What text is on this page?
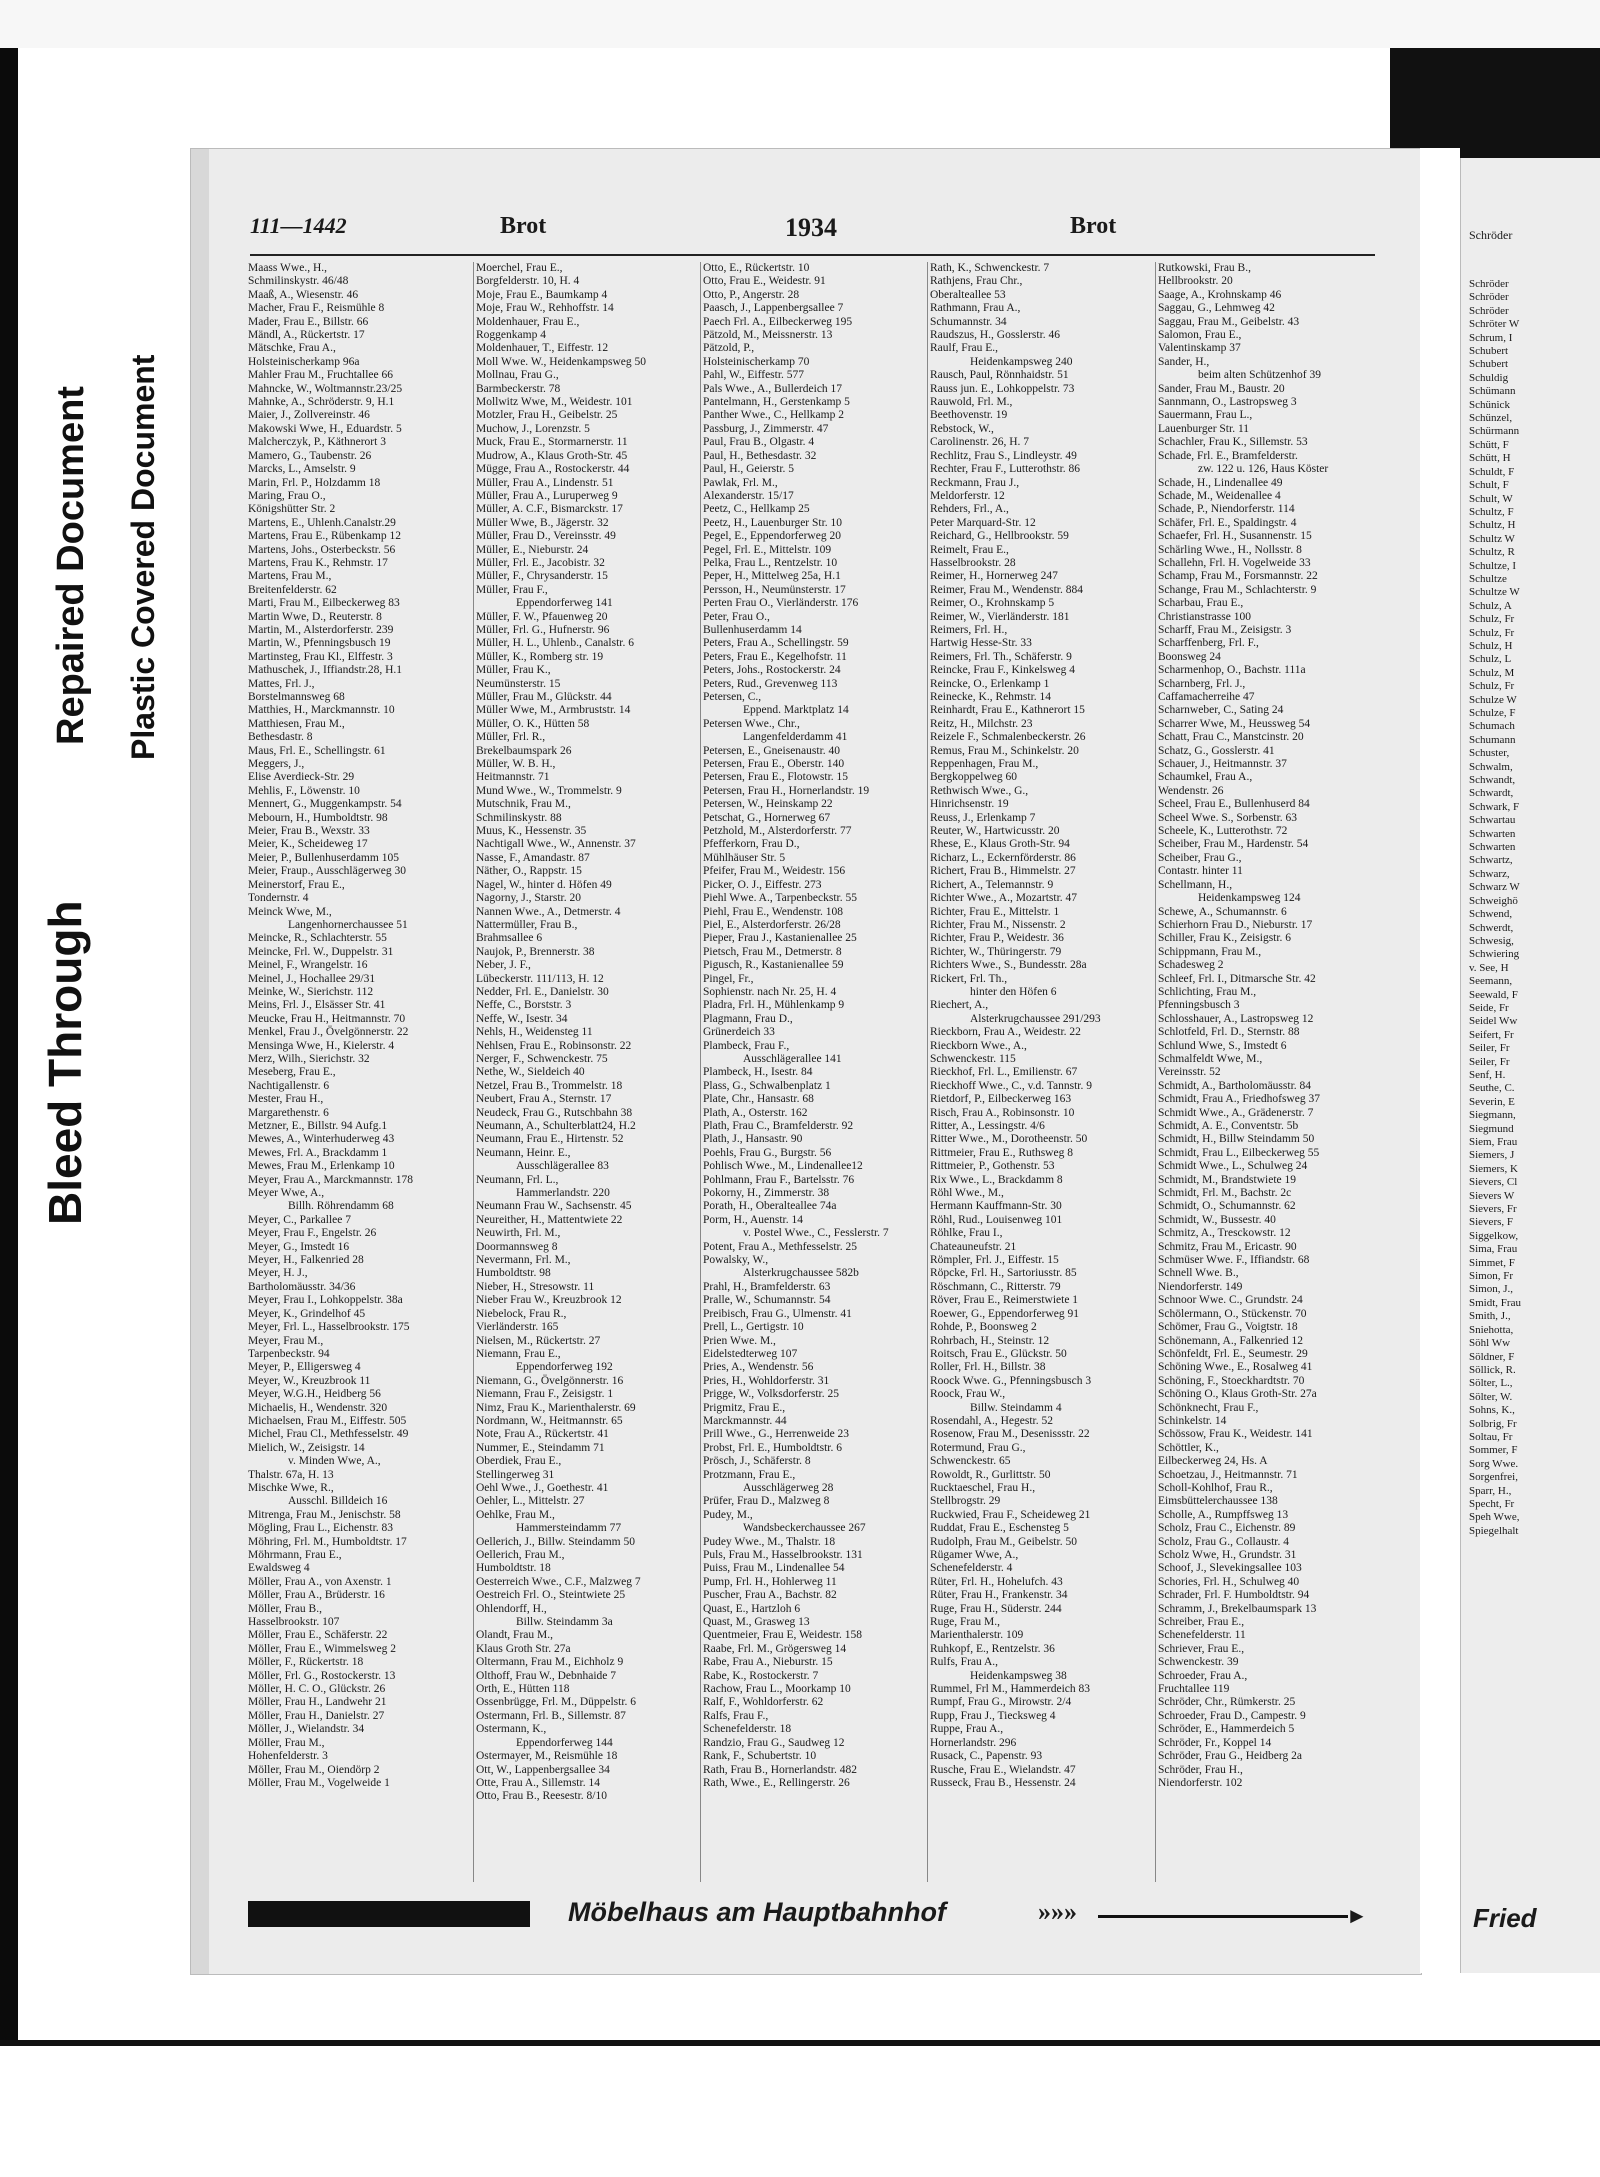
Bleed Through
Repaired Document Plastic Covered Document
Schröder
Schröder
Schröder
Schröder
Schröter W
Schrum, I
Schubert
Schubert
Schuldig
Schümann
Schünick
Schünzel,
Schürmann
Schütt, F
Schütt, H
Schuldt, F
Schult, F
Schult, W
Schultz, F
Schultz, H
Schultz W
Schultz, R
Schultze, I
Schultze
Schultze W
Schulz, A
Schulz, Fr
Schulz, Fr
Schulz, H
Schulz, L
Schulz, M
Schulz, Fr
Schulze W
Schulze, F
Schumach
Schumann
Schuster,
Schwalm,
Schwandt,
Schwardt,
Schwark, F
Schwartau
Schwarten
Schwarten
Schwartz,
Schwarz,
Schwarz W
Schweighö
Schwend,
Schwerdt,
Schwesig,
Schwiering
v. See, H
Seemann,
Seewald, F
Seide, Fr
Seidel Ww
Seifert, Fr
Seiler, Fr
Seiler, Fr
Senf, H.
Seuthe, C.
Severin, E
Siegmann,
Siegmund
Siem, Frau
Siemers, J
Siemers, K
Sievers, Cl
Sievers W
Sievers, Fr
Sievers, F
Siggelkow,
Sima, Frau
Simmet, F
Simon, Fr
Simon, J.,
Smidt, Frau
Smith, J.,
Sniehotta,
Söhl Ww
Söldner, F
Söllick, R.
Sölter, L.,
Sölter, W.
Sohns, K.,
Solbrig, Fr
Soltau, Fr
Sommer, F
Sorg Wwe.
Sorgenfrei,
Sparr, H.,
Specht, Fr
Speh Wwe,
Spiegelhalt
Fried
111—1442	Brot	1934	Brot
Maass Wwe., H.,
Schmilinskystr. 46/48
Maaß, A., Wiesenstr. 46
Macher, Frau F., Reismühle 8
Mader, Frau E., Billstr. 66
Mändl, A., Rückertstr. 17
Mätschke, Frau A.,
Holsteinischerkamp 96a
Mahler Frau M., Fruchtallee 66
Mahncke, W., Woltmannstr.23/25
Mahnke, A., Schröderstr. 9, H.1
Maier, J., Zollvereinstr. 46
Makowski Wwe, H., Eduardstr. 5
Malcherczyk, P., Käthnerort 3
Mamero, G., Taubenstr. 26
Marcks, L., Amselstr. 9
Marin, Frl. P., Holzdamm 18
Maring, Frau O.,
Königshütter Str. 2
Martens, E., Uhlenh.Canalstr.29
Martens, Frau E., Rübenkamp 12
Martens, Johs., Osterbeckstr. 56
Martens, Frau K., Rehmstr. 17
Martens, Frau M.,
Breitenfelderstr. 62
Marti, Frau M., Eilbeckerweg 83
Martin Wwe, D., Reuterstr. 8
Martin, M., Alsterdorferstr. 239
Martin, W., Pfenningsbusch 19
Martinsteg, Frau Kl., Elffestr. 3
Mathuschek, J., Iffiandstr.28, H.1
Mattes, Frl. J.,
Borstelmannsweg 68
Matthies, H., Marckmannstr. 10
Matthiesen, Frau M.,
Bethesdastr. 8
Maus, Frl. E., Schellingstr. 61
Meggers, J.,
Elise Averdieck-Str. 29
Mehlis, F., Löwenstr. 10
Mennert, G., Muggenkampstr. 54
Mebourn, H., Humboldtstr. 98
Meier, Frau B., Wexstr. 33
Meier, K., Scheideweg 17
Meier, P., Bullenhuserdamm 105
Meier, Fraup., Ausschlägerweg 30
Meinerstorf, Frau E.,
Tondernstr. 4
Meinck Wwe, M.,
Langenhornerchaussee 51
Meincke, R., Schlachterstr. 55
Meincke, Frl. W., Duppelstr. 31
Meinel, F., Wrangelstr. 16
Meinel, J., Hochallee 29/31
Meinke, W., Sierichstr. 112
Meins, Frl. J., Elsässer Str. 41
Meucke, Frau H., Heitmannstr. 70
Menkel, Frau J., Övelgönnerstr. 22
Mensinga Wwe, H., Kielerstr. 4
Merz, Wilh., Sierichstr. 32
Meseberg, Frau E.,
Nachtigallenstr. 6
Mester, Frau H.,
Margarethenstr. 6
Metzner, E., Billstr. 94 Aufg.1
Mewes, A., Winterhuderweg 43
Mewes, Frl. A., Brackdamm 1
Mewes, Frau M., Erlenkamp 10
Meyer, Frau A., Marckmannstr. 178
Meyer Wwe, A.,
Billh. Röhrendamm 68
Meyer, C., Parkallee 7
Meyer, Frau F., Engelstr. 26
Meyer, G., Imstedt 16
Meyer, H., Falkenried 28
Meyer, H. J.,
Bartholomäusstr. 34/36
Meyer, Frau I., Lohkoppelstr. 38a
Meyer, K., Grindelhof 45
Meyer, Frl. L., Hasselbrookstr. 175
Meyer, Frau M.,
Tarpenbeckstr. 94
Meyer, P., Elligersweg 4
Meyer, W., Kreuzbrook 11
Meyer, W.G.H., Heidberg 56
Michaelis, H., Wendenstr. 320
Michaelsen, Frau M., Eiffestr. 505
Michel, Frau Cl., Methfesselstr. 49
Mielich, W., Zeisigstr. 14
v. Minden Wwe, A.,
Thalstr. 67a, H. 13
Mischke Wwe, R.,
Ausschl. Billdeich 16
Mitrenga, Frau M., Jenischstr. 58
Mögling, Frau L., Eichenstr. 83
Möhring, Frl. M., Humboldtstr. 17
Möhrmann, Frau E.,
Ewaldsweg 4
Möller, Frau A., von Axenstr. 1
Möller, Frau A., Brüderstr. 16
Möller, Frau B.,
Hasselbrookstr. 107
Möller, Frau E., Schäferstr. 22
Möller, Frau E., Wimmelsweg 2
Möller, F., Rückertstr. 18
Möller, Frl. G., Rostockerstr. 13
Möller, H. C. O., Glückstr. 26
Möller, Frau H., Landwehr 21
Möller, Frau H., Danielstr. 27
Möller, J., Wielandstr. 34
Möller, Frau M.,
Hohenfelderstr. 3
Möller, Frau M., Oiendörp 2
Möller, Frau M., Vogelweide 1
Moerchel, Frau E.,
Borgfelderstr. 10, H. 4
Moje, Frau E., Baumkamp 4
Moje, Frau W., Rehhoffstr. 14
Moldenhauer, Frau E.,
Roggenkamp 4
Moldenhauer, T., Eiffestr. 12
Moll Wwe. W., Heidenkampsweg 50
Mollnau, Frau G.,
Barmbeckerstr. 78
Mollwitz Wwe, M., Weidestr. 101
Motzler, Frau H., Geibelstr. 25
Muchow, J., Lorenzstr. 5
Muck, Frau E., Stormarnerstr. 11
Mudrow, A., Klaus Groth-Str. 45
Mügge, Frau A., Rostockerstr. 44
Müller, Frau A., Lindenstr. 51
Müller, Frau A., Luruperweg 9
Müller, A. C.F., Bismarckstr. 17
Müller Wwe, B., Jägerstr. 32
Müller, Frau D., Vereinsstr. 49
Müller, E., Nieburstr. 24
Müller, Frl. E., Jacobistr. 32
Müller, F., Chrysanderstr. 15
Müller, Frau F.,
Eppendorferweg 141
Müller, F. W., Pfauenweg 20
Müller, Frl. G., Hufnerstr. 96
Müller, H. L., Uhlenb., Canalstr. 6
Müller, K., Romberg str. 19
Müller, Frau K.,
Neumünsterstr. 15
Müller, Frau M., Glückstr. 44
Müller Wwe, M., Armbruststr. 14
Müller, O. K., Hütten 58
Müller, Frl. R.,
Brekelbaumspark 26
Müller, W. B. H.,
Heitmannstr. 71
Mund Wwe., W., Trommelstr. 9
Mutschnik, Frau M.,
Schmilinskystr. 88
Muus, K., Hessenstr. 35
Nachtigall Wwe., W., Annenstr. 37
Nasse, F., Amandastr. 87
Näther, O., Rappstr. 15
Nagel, W., hinter d. Höfen 49
Nagorny, J., Starstr. 20
Nannen Wwe., A., Detmerstr. 4
Nattermüller, Frau B.,
Brahmsallee 6
Naujok, P., Brennerstr. 38
Neber, J. F.,
Lübeckerstr. 111/113, H. 12
Nedder, Frl. E., Danielstr. 30
Neffe, C., Borststr. 3
Neffe, W., Isestr. 34
Nehls, H., Weidensteg 11
Nehlsen, Frau E., Robinsonstr. 22
Nerger, F., Schwenckestr. 75
Nethe, W., Sieldeich 40
Netzel, Frau B., Trommelstr. 18
Neubert, Frau A., Sternstr. 17
Neudeck, Frau G., Rutschbahn 38
Neumann, A., Schulterblatt24, H.2
Neumann, Frau E., Hirtenstr. 52
Neumann, Heinr. E.,
Ausschlägerallee 83
Neumann, Frl. L.,
Hammerlandstr. 220
Neumann Frau W., Sachsenstr. 45
Neureither, H., Mattentwiete 22
Neuwirth, Frl. M.,
Doormannsweg 8
Nevermann, Frl. M.,
Humboldtstr. 98
Nieber, H., Stresowstr. 11
Nieber Frau W., Kreuzbrook 12
Niebelock, Frau R.,
Vierländerstr. 165
Nielsen, M., Rückertstr. 27
Niemann, Frau E.,
Eppendorferweg 192
Niemann, G., Övelgönnerstr. 16
Niemann, Frau F., Zeisigstr. 1
Nimz, Frau K., Marienthalerstr. 69
Nordmann, W., Heitmannstr. 65
Note, Frau A., Rückertstr. 41
Nummer, E., Steindamm 71
Oberdiek, Frau E.,
Stellingerweg 31
Oehl Wwe., J., Goethestr. 41
Oehler, L., Mittelstr. 27
Oehlke, Frau M.,
Hammersteindamm 77
Oellerich, J., Billw. Steindamm 50
Oellerich, Frau M.,
Humboldtstr. 18
Oesterreich Wwe., C.F., Malzweg 7
Oestreich Frl. O., Steintwiete 25
Ohlendorff, H.,
Billw. Steindamm 3a
Olandt, Frau M.,
Klaus Groth Str. 27a
Oltermann, Frau M., Eichholz 9
Olthoff, Frau W., Debnhaide 7
Orth, E., Hütten 118
Ossenbrügge, Frl. M., Düppelstr. 6
Ostermann, Frl. B., Sillemstr. 87
Ostermann, K.,
Eppendorferweg 144
Ostermayer, M., Reismühle 18
Ott, W., Lappenbergsallee 34
Otte, Frau A., Sillemstr. 14
Otto, Frau B., Reesestr. 8/10
Otto, E., Rückertstr. 10
Otto, Frau E., Weidestr. 91
Otto, P., Angerstr. 28
Paasch, J., Lappenbergsallee 7
Paech Frl. A., Eilbeckerweg 195
Pätzold, M., Meissnerstr. 13
Pätzold, P.,
Holsteinischerkamp 70
Pahl, W., Eiffestr. 577
Pals Wwe., A., Bullerdeich 17
Pantelmann, H., Gerstenkamp 5
Panther Wwe., C., Hellkamp 2
Passburg, J., Zimmerstr. 47
Paul, Frau B., Olgastr. 4
Paul, H., Bethesdastr. 32
Paul, H., Geierstr. 5
Pawlak, Frl. M.,
Alexanderstr. 15/17
Peetz, C., Hellkamp 25
Peetz, H., Lauenburger Str. 10
Pegel, E., Eppendorferweg 20
Pegel, Frl. E., Mittelstr. 109
Pelka, Frau L., Rentzelstr. 10
Peper, H., Mittelweg 25a, H.1
Persson, H., Neumünsterstr. 17
Perten Frau O., Vierländerstr. 176
Peter, Frau O.,
Bullenhuserdamm 14
Peters, Frau A., Schellingstr. 59
Peters, Frau E., Kegelhofstr. 11
Peters, Johs., Rostockerstr. 24
Peters, Rud., Grevenweg 113
Petersen, C.,
Eppend. Marktplatz 14
Petersen Wwe., Chr.,
Langenfelderdamm 41
Petersen, E., Gneisenaustr. 40
Petersen, Frau E., Oberstr. 140
Petersen, Frau E., Flotowstr. 15
Petersen, Frau H., Hornerlandstr. 19
Petersen, W., Heinskamp 22
Petschat, G., Hornerweg 67
Petzhold, M., Alsterdorferstr. 77
Pfefferkorn, Frau D.,
Mühlhäuser Str. 5
Pfeifer, Frau M., Weidestr. 156
Picker, O. J., Eiffestr. 273
Piehl Wwe. A., Tarpenbeckstr. 55
Piehl, Frau E., Wendenstr. 108
Piel, E., Alsterdorferstr. 26/28
Pieper, Frau J., Kastanienallee 25
Pietsch, Frau M., Detmerstr. 8
Pigusch, R., Kastanienallee 59
Pingel, Fr.,
Sophienstr. nach Nr. 25, H. 4
Pladra, Frl. H., Mühlenkamp 9
Plagmann, Frau D.,
Grünerdeich 33
Plambeck, Frau F.,
Ausschlägerallee 141
Plambeck, H., Isestr. 84
Plass, G., Schwalbenplatz 1
Plate, Chr., Hansastr. 68
Plath, A., Osterstr. 162
Plath, Frau C., Bramfelderstr. 92
Plath, J., Hansastr. 90
Poehls, Frau G., Burgstr. 56
Pohlisch Wwe., M., Lindenallee12
Pohlmann, Frau F., Bartelsstr. 76
Pokorny, H., Zimmerstr. 38
Porath, H., Oberalteallee 74a
Porm, H., Auenstr. 14
v. Postel Wwe., C., Fesslerstr. 7
Potent, Frau A., Methfesselstr. 25
Powalsky, W.,
Alsterkrugchaussee 582b
Prahl, H., Bramfelderstr. 63
Pralle, W., Schumannstr. 54
Preibisch, Frau G., Ulmenstr. 41
Prell, L., Gertigstr. 10
Prien Wwe. M.,
Eidelstedterweg 107
Pries, A., Wendenstr. 56
Pries, H., Wohldorferstr. 31
Prigge, W., Volksdorferstr. 25
Prigmitz, Frau E.,
Marckmannstr. 44
Prill Wwe., G., Herrenweide 23
Probst, Frl. E., Humboldtstr. 6
Prösch, J., Schäferstr. 8
Protzmann, Frau E.,
Ausschlägerweg 28
Prüfer, Frau D., Malzweg 8
Pudey, M.,
Wandsbeckerchaussee 267
Pudey Wwe., M., Thalstr. 18
Puls, Frau M., Hasselbrookstr. 131
Puiss, Frau M., Lindenallee 54
Pump, Frl. H., Hohlerweg 11
Puscher, Frau A., Bachstr. 82
Quast, E., Hartzloh 6
Quast, M., Grasweg 13
Quentmeier, Frau E, Weidestr. 158
Raabe, Frl. M., Grögersweg 14
Rabe, Frau A., Nieburstr. 15
Rabe, K., Rostockerstr. 7
Rachow, Frau L., Moorkamp 10
Ralf, F., Wohldorferstr. 62
Ralfs, Frau F.,
Schenefelderstr. 18
Randzio, Frau G., Saudweg 12
Rank, F., Schubertstr. 10
Rath, Frau B., Hornerlandstr. 482
Rath, Wwe., E., Rellingerstr. 26
Rath, K., Schwenckestr. 7
Rathjens, Frau Chr.,
Oberalteallee 53
Rathmann, Frau A.,
Schumannstr. 34
Raudszus, H., Gosslerstr. 46
Raulf, Frau E.,
Heidenkampsweg 240
Rausch, Paul, Rönnhaidstr. 51
Rauss jun. E., Lohkoppelstr. 73
Rauwold, Frl. M.,
Beethovenstr. 19
Rebstock, W.,
Carolinenstr. 26, H. 7
Rechlitz, Frau S., Lindleystr. 49
Rechter, Frau F., Lutterothstr. 86
Reckmann, Frau J.,
Meldorferstr. 12
Rehders, Frl., A.,
Peter Marquard-Str. 12
Reichard, G., Hellbrookstr. 59
Reimelt, Frau E.,
Hasselbrookstr. 28
Reimer, H., Hornerweg 247
Reimer, Frau M., Wendenstr. 884
Reimer, O., Krohnskamp 5
Reimer, W., Vierländerstr. 181
Reimers, Frl. H.,
Hartwig Hesse-Str. 33
Reimers, Frl. Th., Schäferstr. 9
Reincke, Frau F., Kinkelsweg 4
Reincke, O., Erlenkamp 1
Reinecke, K., Rehmstr. 14
Reinhardt, Frau E., Kathnerort 15
Reitz, H., Milchstr. 23
Reizele F., Schmalenbeckerstr. 26
Remus, Frau M., Schinkelstr. 20
Reppenhagen, Frau M.,
Bergkoppelweg 60
Rethwisch Wwe., G.,
Hinrichsenstr. 19
Reuss, J., Erlenkamp 7
Reuter, W., Hartwicusstr. 20
Rhese, E., Klaus Groth-Str. 94
Richarz, L., Eckernförderstr. 86
Richert, Frau B., Himmelstr. 27
Richert, A., Telemannstr. 9
Richter Wwe., A., Mozartstr. 47
Richter, Frau E., Mittelstr. 1
Richter, Frau M., Nissenstr. 2
Richter, Frau P., Weidestr. 36
Richter, W., Thüringerstr. 79
Richters Wwe., S., Bundesstr. 28a
Rickert, Frl. Th.,
hinter den Höfen 6
Riechert, A.,
Alsterkrugchaussee 291/293
Rieckborn, Frau A., Weidestr. 22
Rieckborn Wwe., A.,
Schwenckestr. 115
Rieckhof, Frl. L., Emilienstr. 67
Rieckhoff Wwe., C., v.d. Tannstr. 9
Rietdorf, P., Eilbeckerweg 163
Risch, Frau A., Robinsonstr. 10
Ritter, A., Lessingstr. 4/6
Ritter Wwe., M., Dorotheenstr. 50
Rittmeier, Frau E., Ruthsweg 8
Rittmeier, P., Gothenstr. 53
Rix Wwe., L., Brackdamm 8
Röhl Wwe., M.,
Hermann Kauffmann-Str. 30
Röhl, Rud., Louisenweg 101
Röhlke, Frau I.,
Chateauneufstr. 21
Römpler, Frl. J., Eiffestr. 15
Röpcke, Frl. H., Sartoriusstr. 85
Röschmann, C., Ritterstr. 79
Röver, Frau E., Reimerstwiete 1
Roewer, G., Eppendorferweg 91
Rohde, P., Boonsweg 2
Rohrbach, H., Steinstr. 12
Roitsch, Frau E., Glückstr. 50
Roller, Frl. H., Billstr. 38
Roock Wwe. G., Pfenningsbusch 3
Roock, Frau W.,
Billw. Steindamm 4
Rosendahl, A., Hegestr. 52
Rosenow, Frau M., Desenissstr. 22
Rotermund, Frau G.,
Schwenckestr. 65
Rowoldt, R., Gurlittstr. 50
Rucktaeschel, Frau H.,
Stellbrogstr. 29
Ruckwied, Frau F., Scheideweg 21
Ruddat, Frau E., Eschensteg 5
Rudolph, Frau M., Geibelstr. 50
Rügamer Wwe, A.,
Schenefelderstr. 4
Rüter, Frl. H., Hohelufch. 43
Rüter, Frau H., Frankenstr. 34
Ruge, Frau H., Süderstr. 244
Ruge, Frau M.,
Marienthalerstr. 109
Ruhkopf, E., Rentzelstr. 36
Rulfs, Frau A.,
Heidenkampsweg 38
Rummel, Frl M., Hammerdeich 83
Rumpf, Frau G., Mirowstr. 2/4
Rupp, Frau J., Tiecksweg 4
Ruppe, Frau A.,
Hornerlandstr. 296
Rusack, C., Papenstr. 93
Rusche, Frau E., Wielandstr. 47
Russeck, Frau B., Hessenstr. 24
Rutkowski, Frau B.,
Hellbrookstr. 20
Saage, A., Krohnskamp 46
Saggau, G., Lehmweg 42
Saggau, Frau M., Geibelstr. 43
Salomon, Frau E.,
Valentinskamp 37
Sander, H.,
beim alten Schützenhof 39
Sander, Frau M., Baustr. 20
Sannmann, O., Lastropsweg 3
Sauermann, Frau L.,
Lauenburger Str. 11
Schachler, Frau K., Sillemstr. 53
Schade, Frl. E., Bramfelderstr.
zw. 122 u. 126, Haus Köster
Schade, H., Lindenallee 49
Schade, M., Weidenallee 4
Schade, P., Niendorferstr. 114
Schäfer, Frl. E., Spaldingstr. 4
Schaefer, Frl. H., Susannenstr. 15
Schärling Wwe., H., Nollsstr. 8
Schallehn, Frl. H. Vogelweide 33
Schamp, Frau M., Forsmannstr. 22
Schange, Frau M., Schlachterstr. 9
Scharbau, Frau E.,
Christianstrasse 100
Scharff, Frau M., Zeisigstr. 3
Scharffenberg, Frl. F.,
Boonsweg 24
Scharmenhop, O., Bachstr. 111a
Scharnberg, Frl. J.,
Caffamacherreihe 47
Scharnweber, C., Sating 24
Scharrer Wwe, M., Heussweg 54
Schatt, Frau C., Manstcinstr. 20
Schatz, G., Gosslerstr. 41
Schauer, J., Heitmannstr. 37
Schaumkel, Frau A.,
Wendenstr. 26
Scheel, Frau E., Bullenhuserd 84
Scheel Wwe. S., Sorbenstr. 63
Scheele, K., Lutterothstr. 72
Scheiber, Frau M., Hardenstr. 54
Scheiber, Frau G.,
Contastr. hinter 11
Schellmann, H.,
Heidenkampsweg 124
Schewe, A., Schumannstr. 6
Schierhorn Frau D., Nieburstr. 17
Schiller, Frau K., Zeisigstr. 6
Schippmann, Frau M.,
Schadesweg 2
Schleef, Frl. I., Ditmarsche Str. 42
Schlichting, Frau M.,
Pfenningsbusch 3
Schlosshauer, A., Lastropsweg 12
Schlotfeld, Frl. D., Sternstr. 88
Schlund Wwe, S., Imstedt 6
Schmalfeldt Wwe, M.,
Vereinsstr. 52
Schmidt, A., Bartholomäusstr. 84
Schmidt, Frau A., Friedhofsweg 37
Schmidt Wwe., A., Grädenerstr. 7
Schmidt, A. E., Conventstr. 5b
Schmidt, H., Billw Steindamm 50
Schmidt, Frau L., Eilbeckerweg 55
Schmidt Wwe., L., Schulweg 24
Schmidt, M., Brandstwiete 19
Schmidt, Frl. M., Bachstr. 2c
Schmidt, O., Schumannstr. 62
Schmidt, W., Bussestr. 40
Schmitz, A., Tresckowstr. 12
Schmitz, Frau M., Ericastr. 90
Schmüser Wwe. F., Iffiandstr. 68
Schnell Wwe. B.,
Niendorferstr. 149
Schnoor Wwe. C., Grundstr. 24
Schölermann, O., Stückenstr. 70
Schömer, Frau G., Voigtstr. 18
Schönemann, A., Falkenried 12
Schönfeldt, Frl. E., Seumestr. 29
Schöning Wwe., E., Rosalweg 41
Schöning, F., Stoeckhardtstr. 70
Schöning O., Klaus Groth-Str. 27a
Schönknecht, Frau F.,
Schinkelstr. 14
Schössow, Frau K., Weidestr. 141
Schöttler, K.,
Eilbeckerweg 24, Hs. A
Schoetzau, J., Heitmannstr. 71
Scholl-Kohlhof, Frau R.,
Eimsbüttelerchaussee 138
Scholle, A., Rumpffsweg 13
Scholz, Frau C., Eichenstr. 89
Scholz, Frau G., Collaustr. 4
Scholz Wwe, H., Grundstr. 31
Schoof, J., Slevekingsallee 103
Schories, Frl. H., Schulweg 40
Schrader, Frl. F. Humboldtstr. 94
Schramm, J., Brekelbaumspark 13
Schreiber, Frau E.,
Schenefelderstr. 11
Schriever, Frau E.,
Schwenckestr. 39
Schroeder, Frau A.,
Fruchtallee 119
Schröder, Chr., Rümkerstr. 25
Schroeder, Frau D., Campestr. 9
Schröder, E., Hammerdeich 5
Schröder, Fr., Koppel 14
Schröder, Frau G., Heidberg 2a
Schröder, Frau H.,
Niendorferstr. 102
Möbelhaus am Hauptbahnhof	»»»	►
